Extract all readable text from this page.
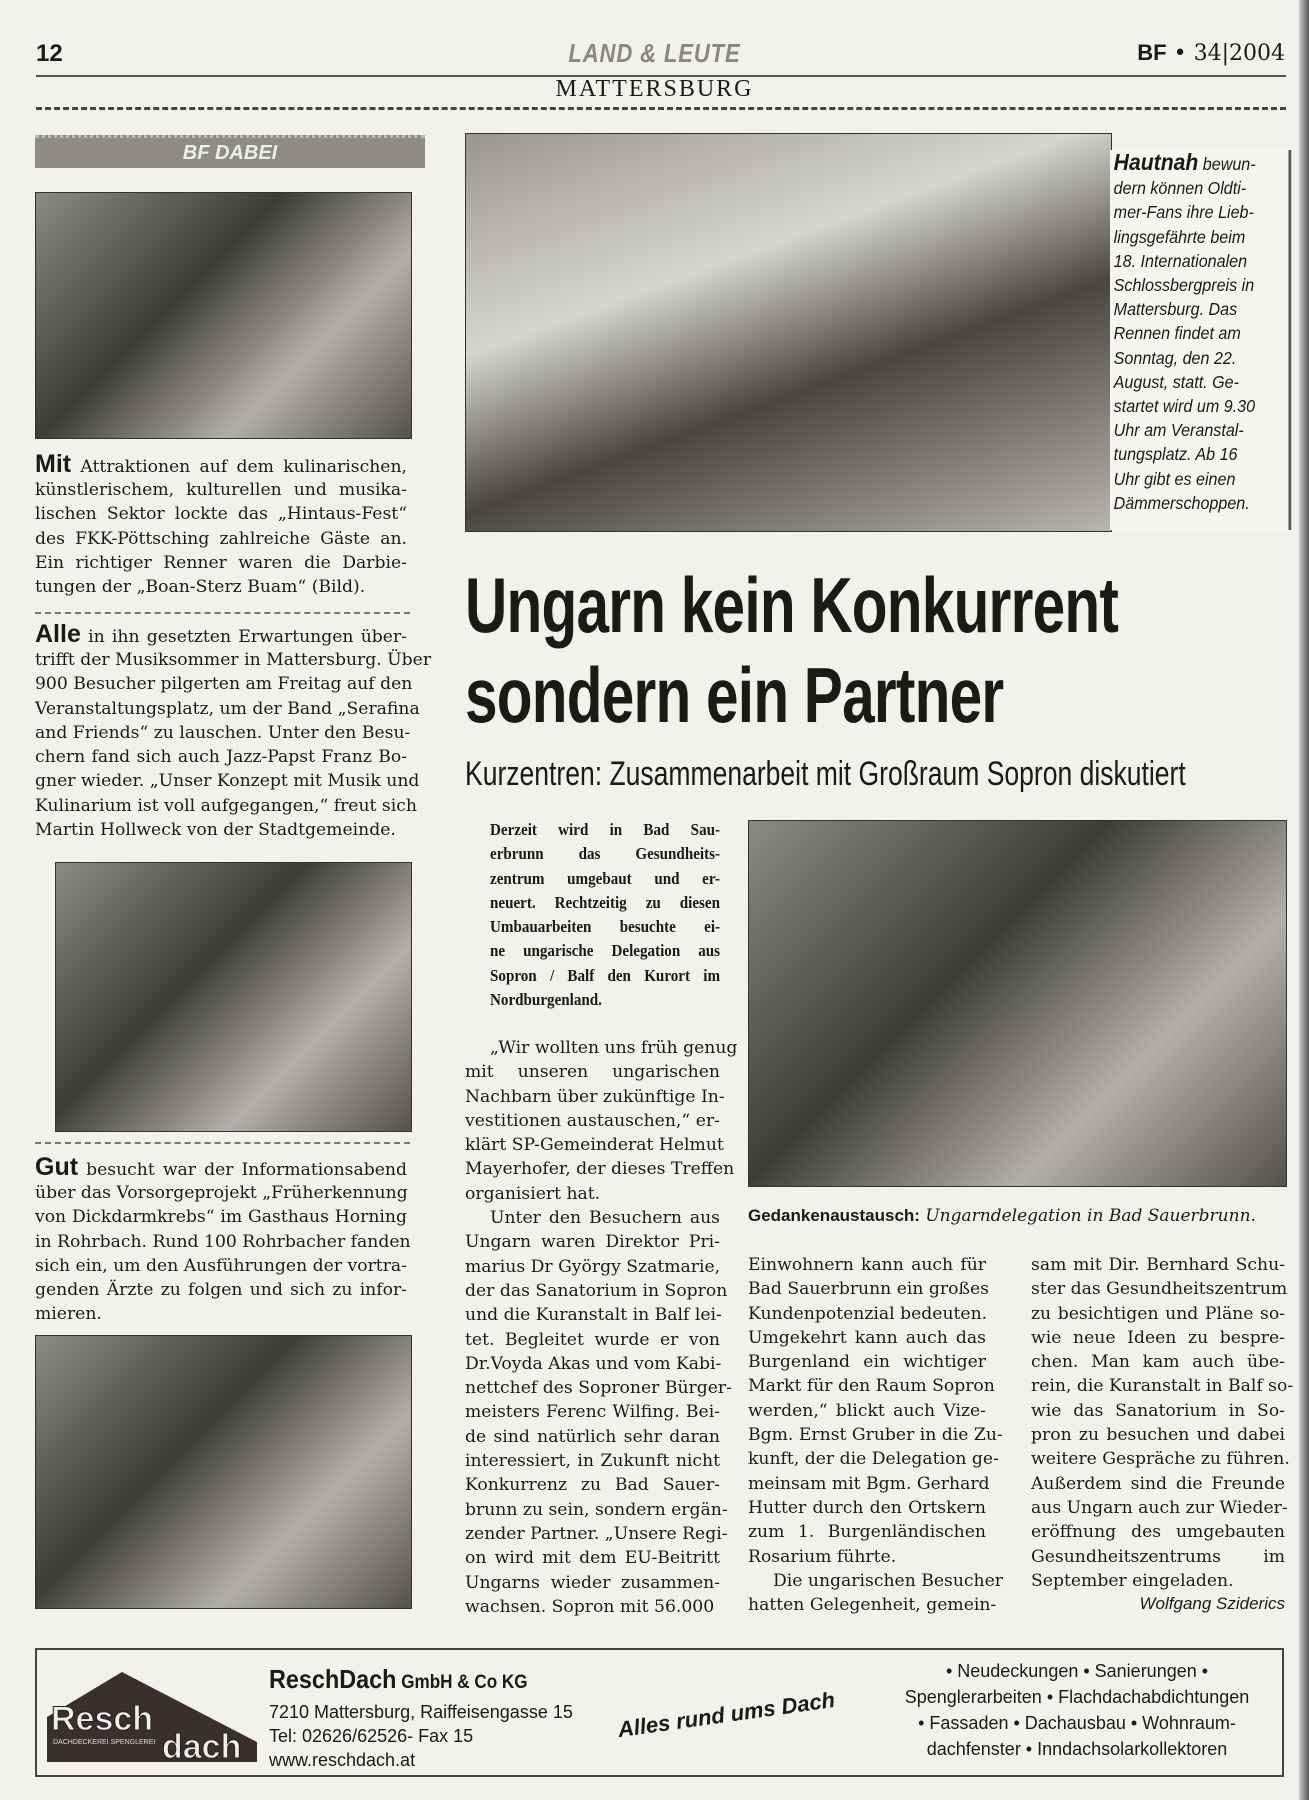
12	LAND & LEUTE	BF • 34|2004
MATTERSBURG
BF DABEI
Mit Attraktionen auf dem kulinarischen,
künstlerischem, kulturellen und musika-
lischen Sektor lockte das „Hintaus-Fest“
des FKK-Pöttsching zahlreiche Gäste an.
Ein richtiger Renner waren die Darbie-
tungen der „Boan-Sterz Buam“ (Bild).
Alle in ihn gesetzten Erwartungen über-
trifft der Musiksommer in Mattersburg. Über
900 Besucher pilgerten am Freitag auf den
Veranstaltungsplatz, um der Band „Serafina
and Friends“ zu lauschen. Unter den Besu-
chern fand sich auch Jazz-Papst Franz Bo-
gner wieder. „Unser Konzept mit Musik und
Kulinarium ist voll aufgegangen,“ freut sich
Martin Hollweck von der Stadtgemeinde.
Gut besucht war der Informationsabend
über das Vorsorgeprojekt „Früherkennung
von Dickdarmkrebs“ im Gasthaus Horning
in Rohrbach. Rund 100 Rohrbacher fanden
sich ein, um den Ausführungen der vortra-
genden Ärzte zu folgen und sich zu infor-
mieren.
Hautnah bewun-
dern können Oldti-
mer-Fans ihre Lieb-
lingsgefährte beim
18. Internationalen
Schlossbergpreis in
Mattersburg. Das
Rennen findet am
Sonntag, den 22.
August, statt. Ge-
startet wird um 9.30
Uhr am Veranstal-
tungsplatz. Ab 16
Uhr gibt es einen
Dämmerschoppen.
Ungarn kein Konkurrent
sondern ein Partner
Kurzentren: Zusammenarbeit mit Großraum Sopron diskutiert
Derzeit wird in Bad Sau-
erbrunn das Gesundheits-
zentrum umgebaut und er-
neuert. Rechtzeitig zu diesen
Umbauarbeiten besuchte ei-
ne ungarische Delegation aus
Sopron / Balf den Kurort im
Nordburgenland.
„Wir wollten uns früh genug
mit unseren ungarischen
Nachbarn über zukünftige In-
vestitionen austauschen,“ er-
klärt SP-Gemeinderat Helmut
Mayerhofer, der dieses Treffen
organisiert hat.
Unter den Besuchern aus
Ungarn waren Direktor Pri-
marius Dr György Szatmarie,
der das Sanatorium in Sopron
und die Kuranstalt in Balf lei-
tet. Begleitet wurde er von
Dr.Voyda Akas und vom Kabi-
nettchef des Soproner Bürger-
meisters Ferenc Wilfing. Bei-
de sind natürlich sehr daran
interessiert, in Zukunft nicht
Konkurrenz zu Bad Sauer-
brunn zu sein, sondern ergän-
zender Partner. „Unsere Regi-
on wird mit dem EU-Beitritt
Ungarns wieder zusammen-
wachsen. Sopron mit 56.000
Gedankenaustausch: Ungarndelegation in Bad Sauerbrunn.
Einwohnern kann auch für
Bad Sauerbrunn ein großes
Kundenpotenzial bedeuten.
Umgekehrt kann auch das
Burgenland ein wichtiger
Markt für den Raum Sopron
werden,“ blickt auch Vize-
Bgm. Ernst Gruber in die Zu-
kunft, der die Delegation ge-
meinsam mit Bgm. Gerhard
Hutter durch den Ortskern
zum 1. Burgenländischen
Rosarium führte.
Die ungarischen Besucher
hatten Gelegenheit, gemein-
sam mit Dir. Bernhard Schu-
ster das Gesundheitszentrum
zu besichtigen und Pläne so-
wie neue Ideen zu bespre-
chen. Man kam auch übe-
rein, die Kuranstalt in Balf so-
wie das Sanatorium in So-
pron zu besuchen und dabei
weitere Gespräche zu führen.
Außerdem sind die Freunde
aus Ungarn auch zur Wieder-
eröffnung des umgebauten
Gesundheitszentrums im
September eingeladen.
Wolfgang Sziderics
Resch
dach
DACHDECKEREI SPENGLEREI
ReschDach GmbH & Co KG
7210 Mattersburg, Raiffeisengasse 15
Tel: 02626/62526- Fax 15
www.reschdach.at
Alles rund ums Dach
• Neudeckungen • Sanierungen •
Spenglerarbeiten • Flachdachabdichtungen
• Fassaden • Dachausbau • Wohnraum-
dachfenster • Inndachsolarkollektoren
